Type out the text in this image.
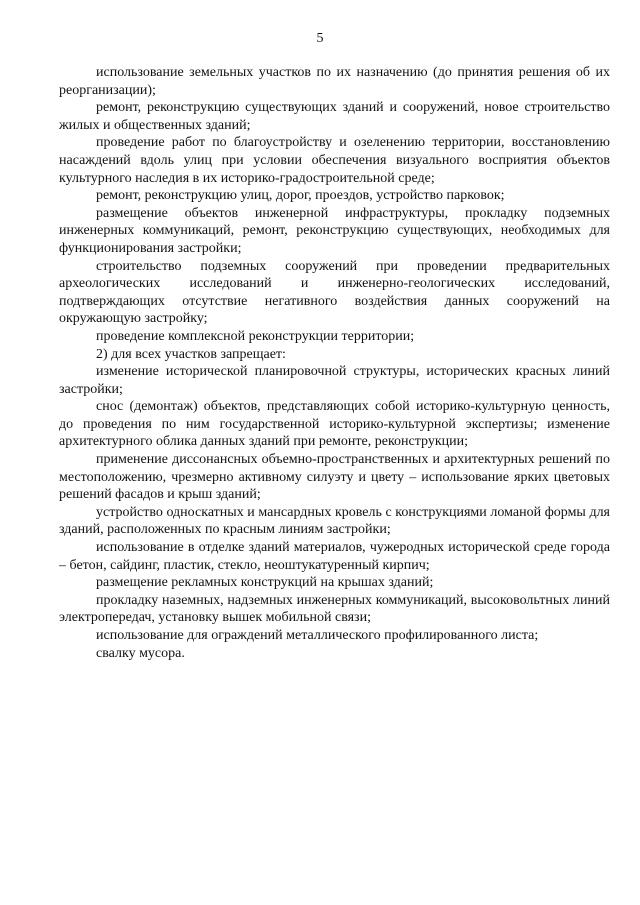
5

использование земельных участков по их назначению (до принятия решения об их реорганизации);

ремонт, реконструкцию существующих зданий и сооружений, новое строительство жилых и общественных зданий;

проведение работ по благоустройству и озеленению территории, восстановлению насаждений вдоль улиц при условии обеспечения визуального восприятия объектов культурного наследия в их историко-градостроительной среде;

ремонт, реконструкцию улиц, дорог, проездов, устройство парковок;

размещение объектов инженерной инфраструктуры, прокладку подземных инженерных коммуникаций, ремонт, реконструкцию существующих, необходимых для функционирования застройки;

строительство подземных сооружений при проведении предварительных археологических исследований и инженерно-геологических исследований, подтверждающих отсутствие негативного воздействия данных сооружений на окружающую застройку;

проведение комплексной реконструкции территории;

2) для всех участков запрещает:

изменение исторической планировочной структуры, исторических красных линий застройки;

снос (демонтаж) объектов, представляющих собой историко-культурную ценность, до проведения по ним государственной историко-культурной экспертизы; изменение архитектурного облика данных зданий при ремонте, реконструкции;

применение диссонансных объемно-пространственных и архитектурных решений по местоположению, чрезмерно активному силуэту и цвету – использование ярких цветовых решений фасадов и крыш зданий;

устройство односкатных и мансардных кровель с конструкциями ломаной формы для зданий, расположенных по красным линиям застройки;

использование в отделке зданий материалов, чужеродных исторической среде города – бетон, сайдинг, пластик, стекло, неоштукатуренный кирпич;

размещение рекламных конструкций на крышах зданий;

прокладку наземных, надземных инженерных коммуникаций, высоковольтных линий электропередач, установку вышек мобильной связи;

использование для ограждений металлического профилированного листа;

свалку мусора.
